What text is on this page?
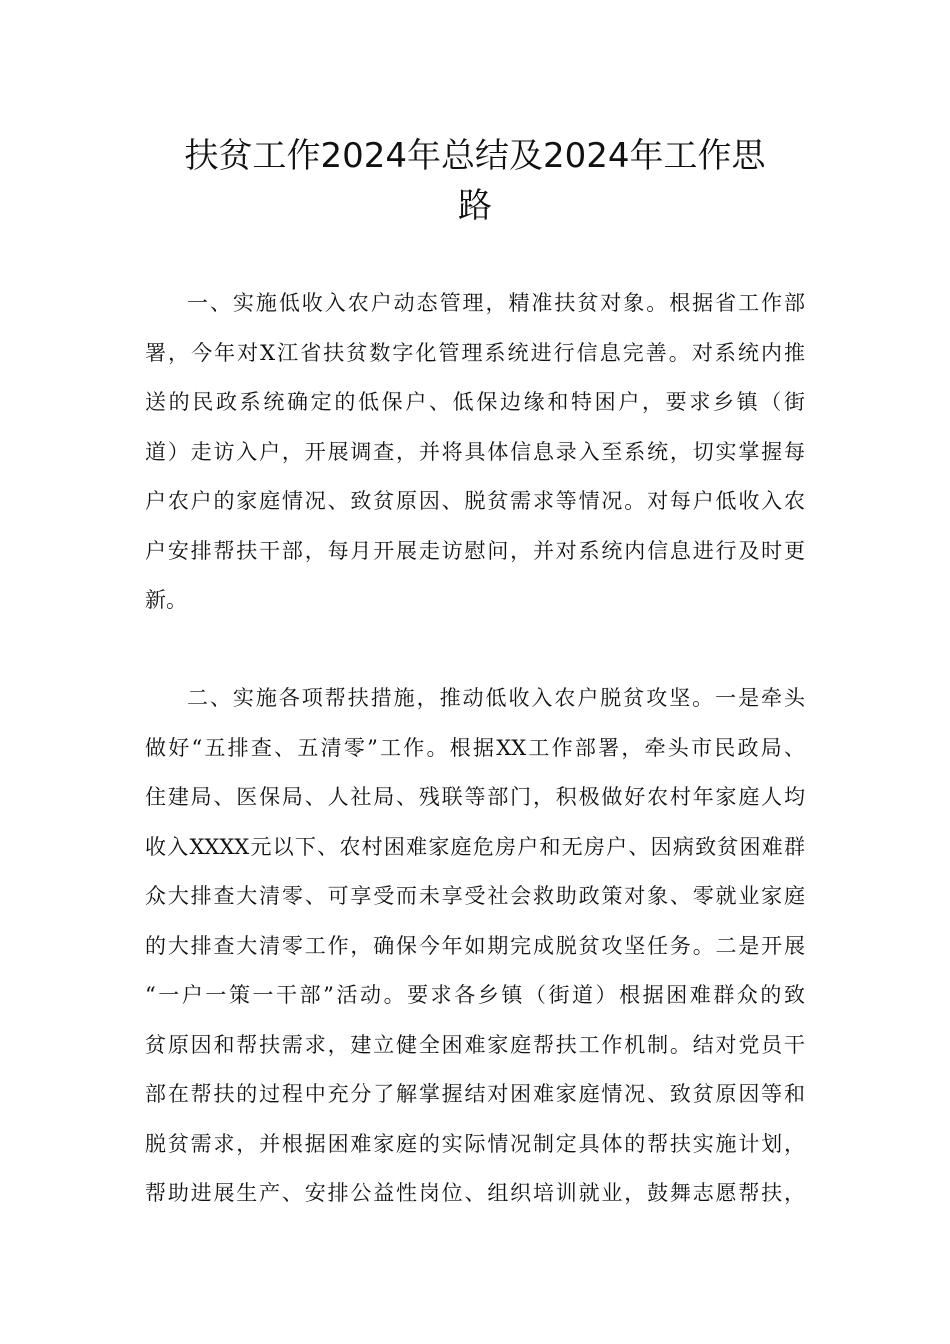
扶贫工作2024年总结及2024年工作思
路
一、实施低收入农户动态管理，精准扶贫对象。根据省工作部
署，今年对X江省扶贫数字化管理系统进行信息完善。对系统内推
送的民政系统确定的低保户、低保边缘和特困户，要求乡镇（街
道）走访入户，开展调查，并将具体信息录入至系统，切实掌握每
户农户的家庭情况、致贫原因、脱贫需求等情况。对每户低收入农
户安排帮扶干部，每月开展走访慰问，并对系统内信息进行及时更
新。
二、实施各项帮扶措施，推动低收入农户脱贫攻坚。一是牵头
做好“五排查、五清零”工作。根据XX工作部署，牵头市民政局、
住建局、医保局、人社局、残联等部门，积极做好农村年家庭人均
收入XXXX元以下、农村困难家庭危房户和无房户、因病致贫困难群
众大排查大清零、可享受而未享受社会救助政策对象、零就业家庭
的大排查大清零工作，确保今年如期完成脱贫攻坚任务。二是开展
“一户一策一干部”活动。要求各乡镇（街道）根据困难群众的致
贫原因和帮扶需求，建立健全困难家庭帮扶工作机制。结对党员干
部在帮扶的过程中充分了解掌握结对困难家庭情况、致贫原因等和
脱贫需求，并根据困难家庭的实际情况制定具体的帮扶实施计划，
帮助进展生产、安排公益性岗位、组织培训就业，鼓舞志愿帮扶，
